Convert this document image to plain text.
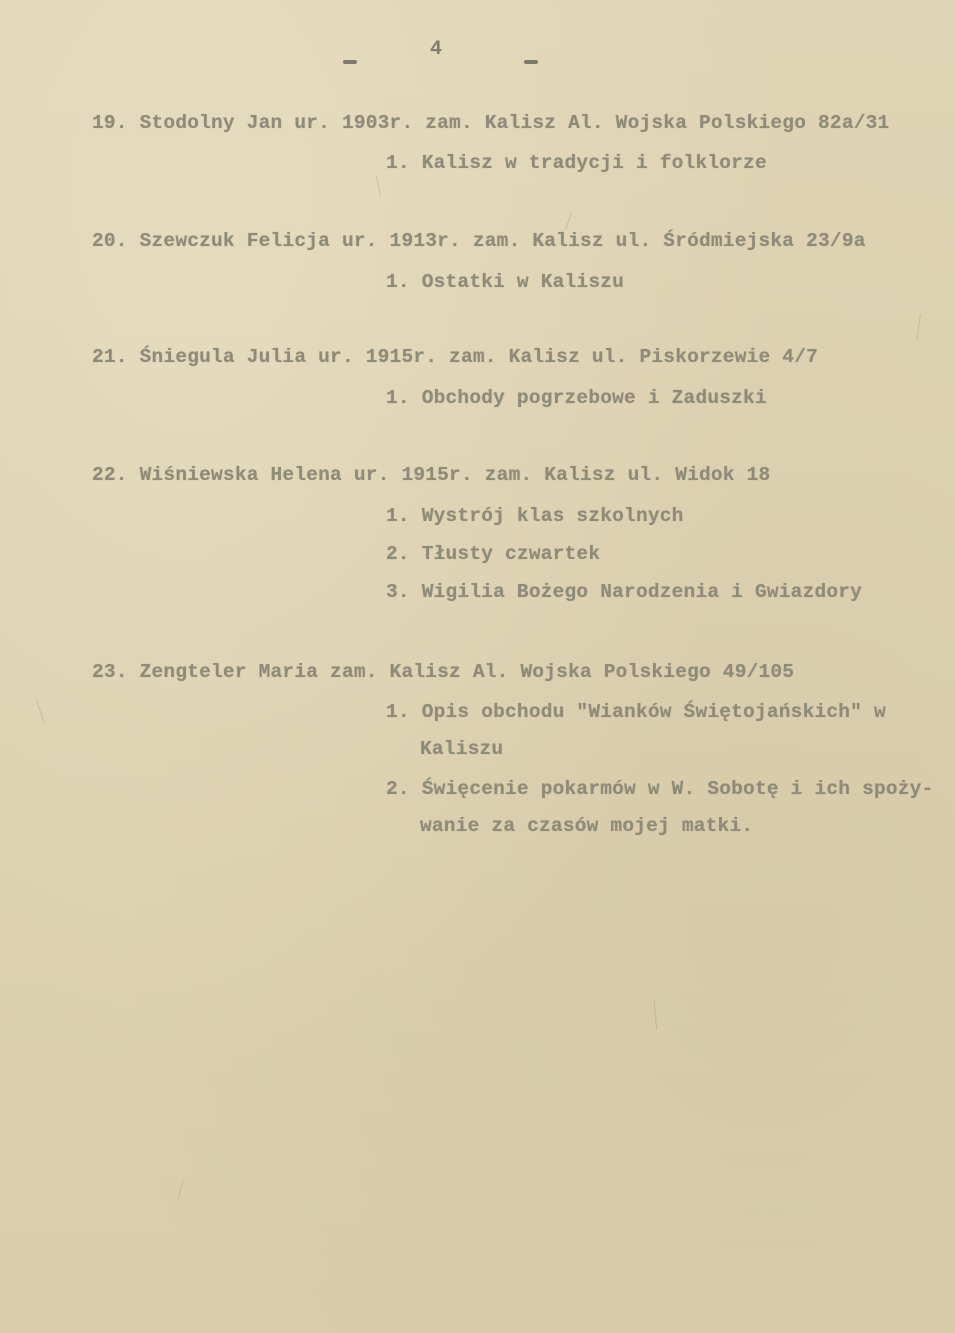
4
19. Stodolny Jan ur. 1903r. zam. Kalisz Al. Wojska Polskiego 82a/31
1. Kalisz w tradycji i folklorze
20. Szewczuk Felicja ur. 1913r. zam. Kalisz ul. Śródmiejska 23/9a
1. Ostatki w Kaliszu
21. Śniegula Julia ur. 1915r. zam. Kalisz ul. Piskorzewie 4/7
1. Obchody pogrzebowe i Zaduszki
22. Wiśniewska Helena ur. 1915r. zam. Kalisz ul. Widok 18
1. Wystrój klas szkolnych
2. Tłusty czwartek
3. Wigilia Bożego Narodzenia i Gwiazdory
23. Zengteler Maria zam. Kalisz Al. Wojska Polskiego 49/105
1. Opis obchodu "Wianków Świętojańskich" w
Kaliszu
2. Święcenie pokarmów w W. Sobotę i ich spoży-
wanie za czasów mojej matki.
